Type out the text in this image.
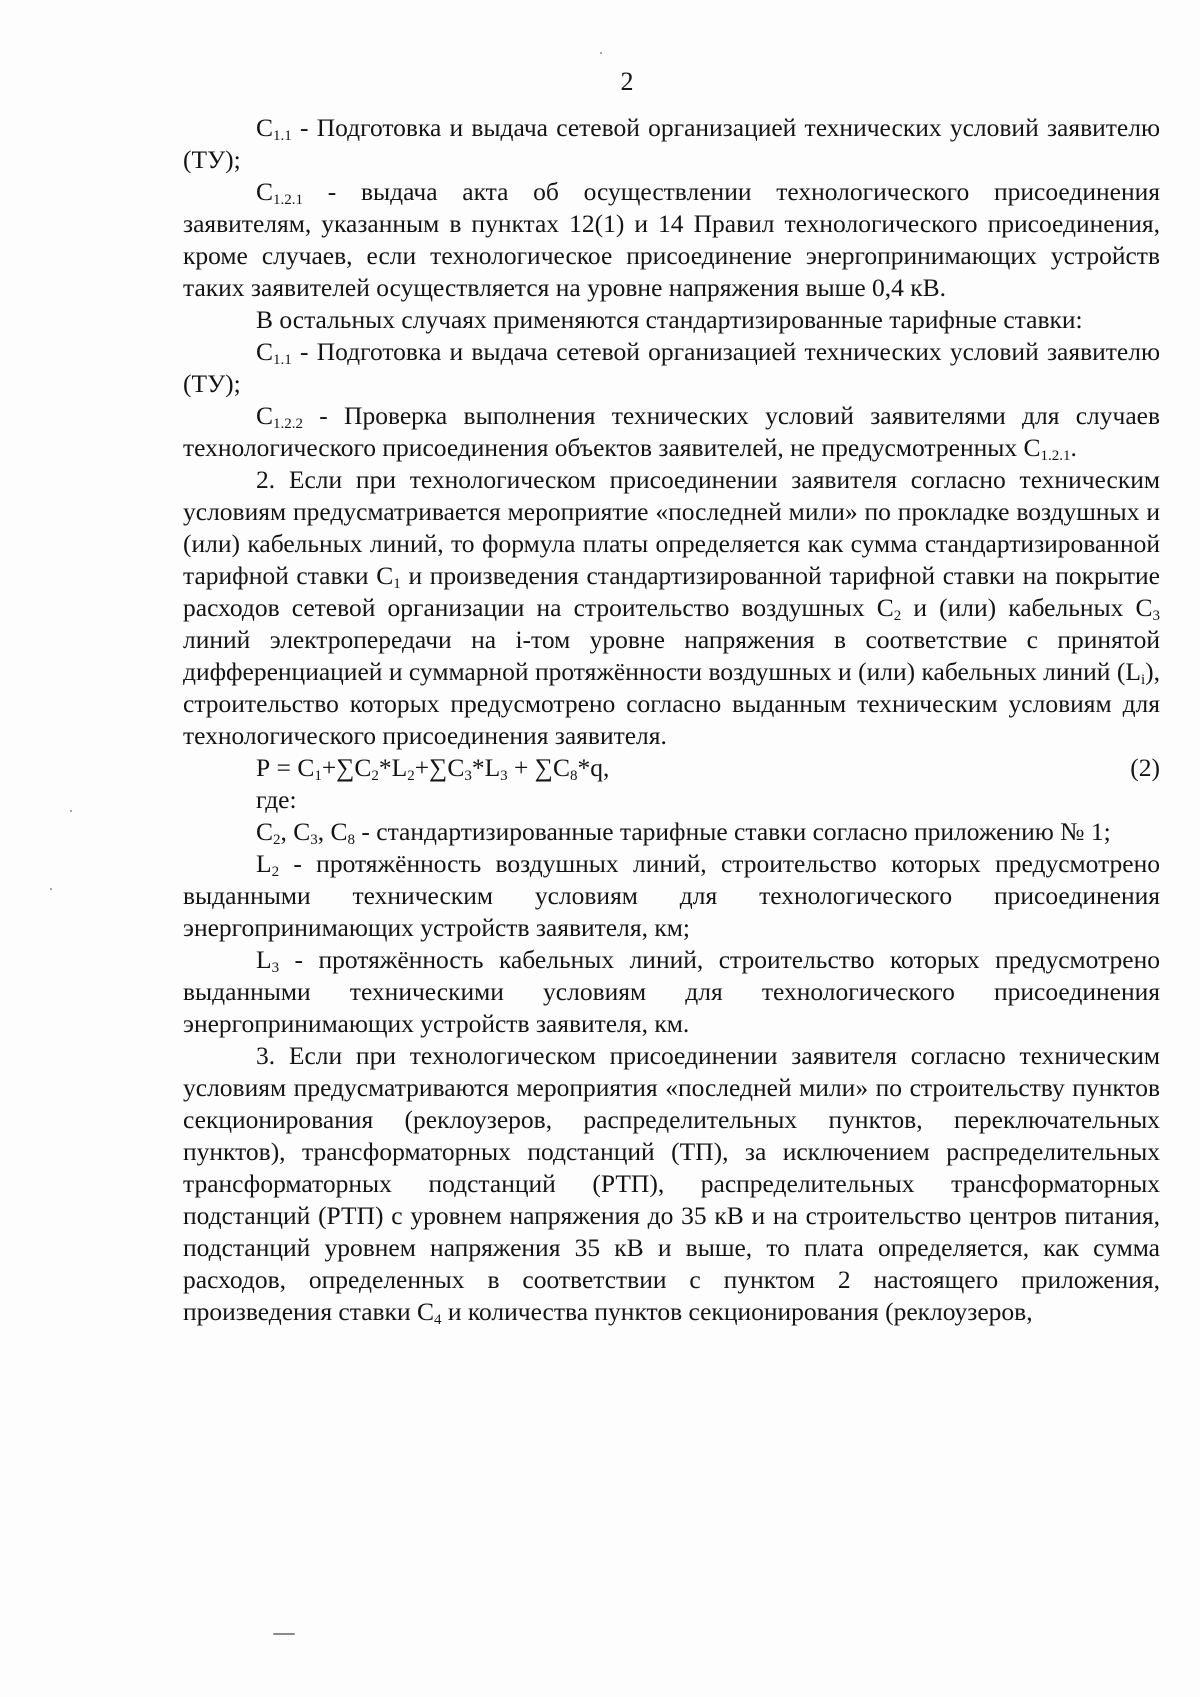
2

$С_{1.1}$ - Подготовка и выдача сетевой организацией технических условий заявителю (ТУ);

$С_{1.2.1}$ - выдача акта об осуществлении технологического присоединения заявителям, указанным в пунктах 12(1) и 14 Правил технологического присоединения, кроме случаев, если технологическое присоединение энергопринимающих устройств таких заявителей осуществляется на уровне напряжения выше 0,4 кВ.

В остальных случаях применяются стандартизированные тарифные ставки:

$С_{1.1}$ - Подготовка и выдача сетевой организацией технических условий заявителю (ТУ);

$С_{1.2.2}$ - Проверка выполнения технических условий заявителями для случаев технологического присоединения объектов заявителей, не предусмотренных $С_{1.2.1}$.

2. Если при технологическом присоединении заявителя согласно техническим условиям предусматривается мероприятие «последней мили» по прокладке воздушных и (или) кабельных линий, то формула платы определяется как сумма стандартизированной тарифной ставки $С_1$ и произведения стандартизированной тарифной ставки на покрытие расходов сетевой организации на строительство воздушных $С_2$ и (или) кабельных $С_3$ линий электропередачи на i-том уровне напряжения в соответствие с принятой дифференциацией и суммарной протяжённости воздушных и (или) кабельных линий $(L_i)$, строительство которых предусмотрено согласно выданным техническим условиям для технологического присоединения заявителя.

$Р = С_1+\sum С_2*L_2+\sum С_3*L_3 + \sum С_8*q$,	(2)
где:

$С_2$, $С_3$, $С_8$ - стандартизированные тарифные ставки согласно приложению № 1;

$L_2$ - протяжённость воздушных линий, строительство которых предусмотрено выданными техническим условиям для технологического присоединения энергопринимающих устройств заявителя, км;

$L_3$ - протяжённость кабельных линий, строительство которых предусмотрено выданными техническими условиям для технологического присоединения энергопринимающих устройств заявителя, км.

3. Если при технологическом присоединении заявителя согласно техническим условиям предусматриваются мероприятия «последней мили» по строительству пунктов секционирования (реклоузеров, распределительных пунктов, переключательных пунктов), трансформаторных подстанций (ТП), за исключением распределительных трансформаторных подстанций (РТП), распределительных трансформаторных подстанций (РТП) с уровнем напряжения до 35 кВ и на строительство центров питания, подстанций уровнем напряжения 35 кВ и выше, то плата определяется, как сумма расходов, определенных в соответствии с пунктом 2 настоящего приложения, произведения ставки $С_4$ и количества пунктов секционирования (реклоузеров,
